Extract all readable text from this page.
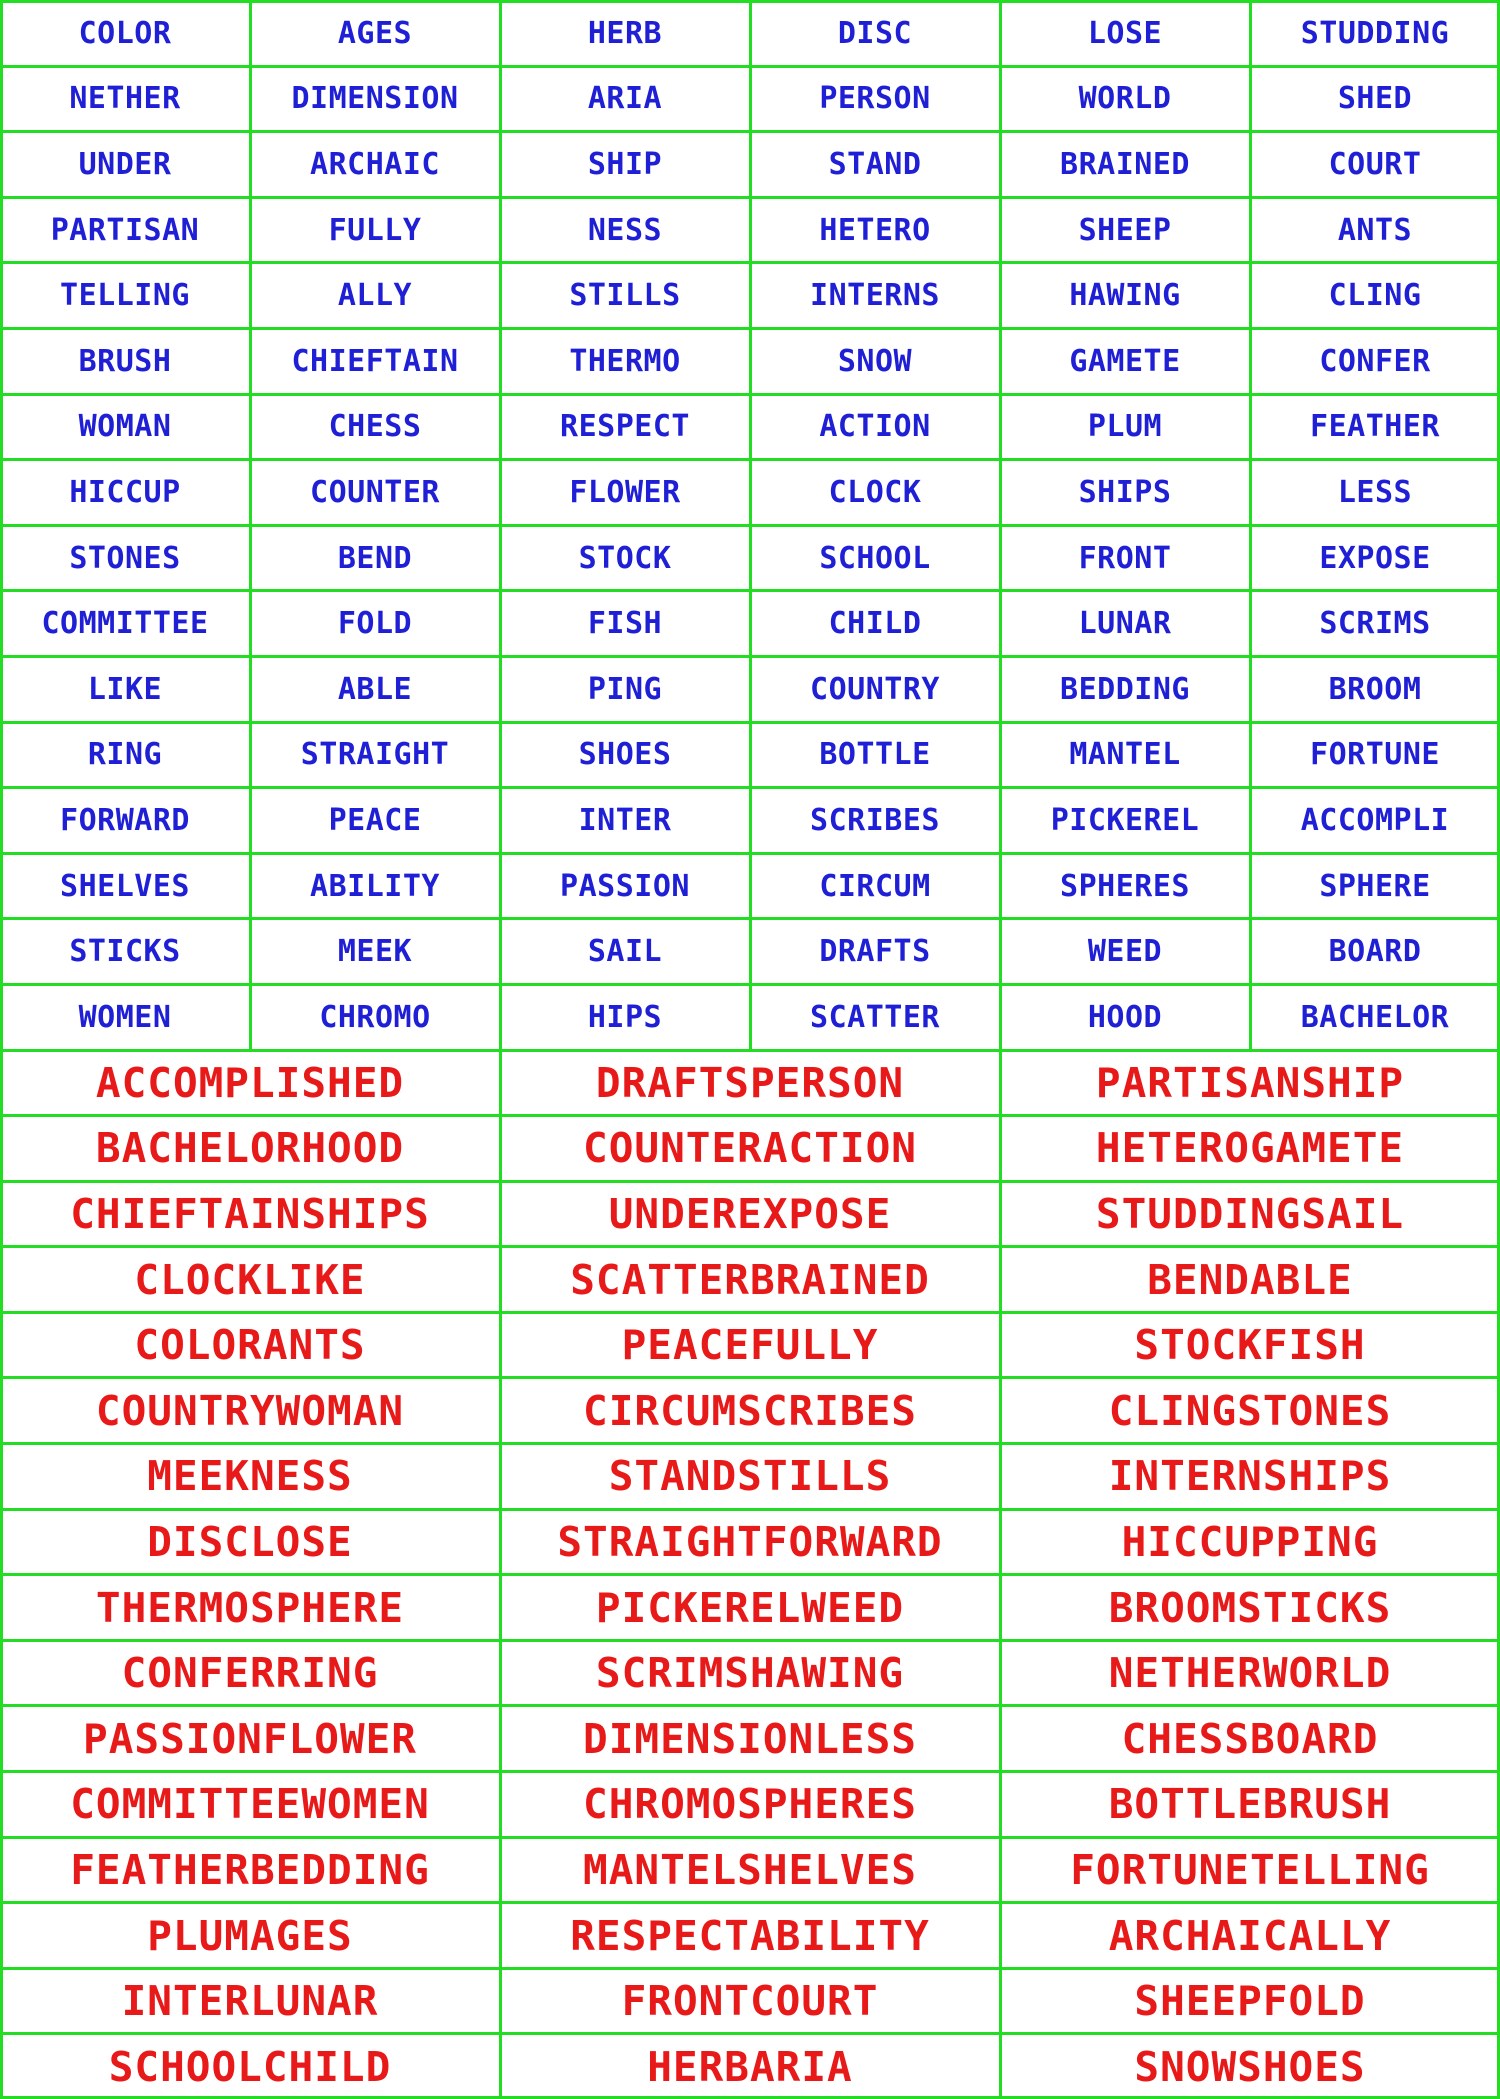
COLOR	AGES	HERB	DISC	LOSE	STUDDING
NETHER	DIMENSION	ARIA	PERSON	WORLD	SHED
UNDER	ARCHAIC	SHIP	STAND	BRAINED	COURT
PARTISAN	FULLY	NESS	HETERO	SHEEP	ANTS
TELLING	ALLY	STILLS	INTERNS	HAWING	CLING
BRUSH	CHIEFTAIN	THERMO	SNOW	GAMETE	CONFER
WOMAN	CHESS	RESPECT	ACTION	PLUM	FEATHER
HICCUP	COUNTER	FLOWER	CLOCK	SHIPS	LESS
STONES	BEND	STOCK	SCHOOL	FRONT	EXPOSE
COMMITTEE	FOLD	FISH	CHILD	LUNAR	SCRIMS
LIKE	ABLE	PING	COUNTRY	BEDDING	BROOM
RING	STRAIGHT	SHOES	BOTTLE	MANTEL	FORTUNE
FORWARD	PEACE	INTER	SCRIBES	PICKEREL	ACCOMPLI
SHELVES	ABILITY	PASSION	CIRCUM	SPHERES	SPHERE
STICKS	MEEK	SAIL	DRAFTS	WEED	BOARD
WOMEN	CHROMO	HIPS	SCATTER	HOOD	BACHELOR
ACCOMPLISHED	DRAFTSPERSON	PARTISANSHIP
BACHELORHOOD	COUNTERACTION	HETEROGAMETE
CHIEFTAINSHIPS	UNDEREXPOSE	STUDDINGSAIL
CLOCKLIKE	SCATTERBRAINED	BENDABLE
COLORANTS	PEACEFULLY	STOCKFISH
COUNTRYWOMAN	CIRCUMSCRIBES	CLINGSTONES
MEEKNESS	STANDSTILLS	INTERNSHIPS
DISCLOSE	STRAIGHTFORWARD	HICCUPPING
THERMOSPHERE	PICKERELWEED	BROOMSTICKS
CONFERRING	SCRIMSHAWING	NETHERWORLD
PASSIONFLOWER	DIMENSIONLESS	CHESSBOARD
COMMITTEEWOMEN	CHROMOSPHERES	BOTTLEBRUSH
FEATHERBEDDING	MANTELSHELVES	FORTUNETELLING
PLUMAGES	RESPECTABILITY	ARCHAICALLY
INTERLUNAR	FRONTCOURT	SHEEPFOLD
SCHOOLCHILD	HERBARIA	SNOWSHOES
